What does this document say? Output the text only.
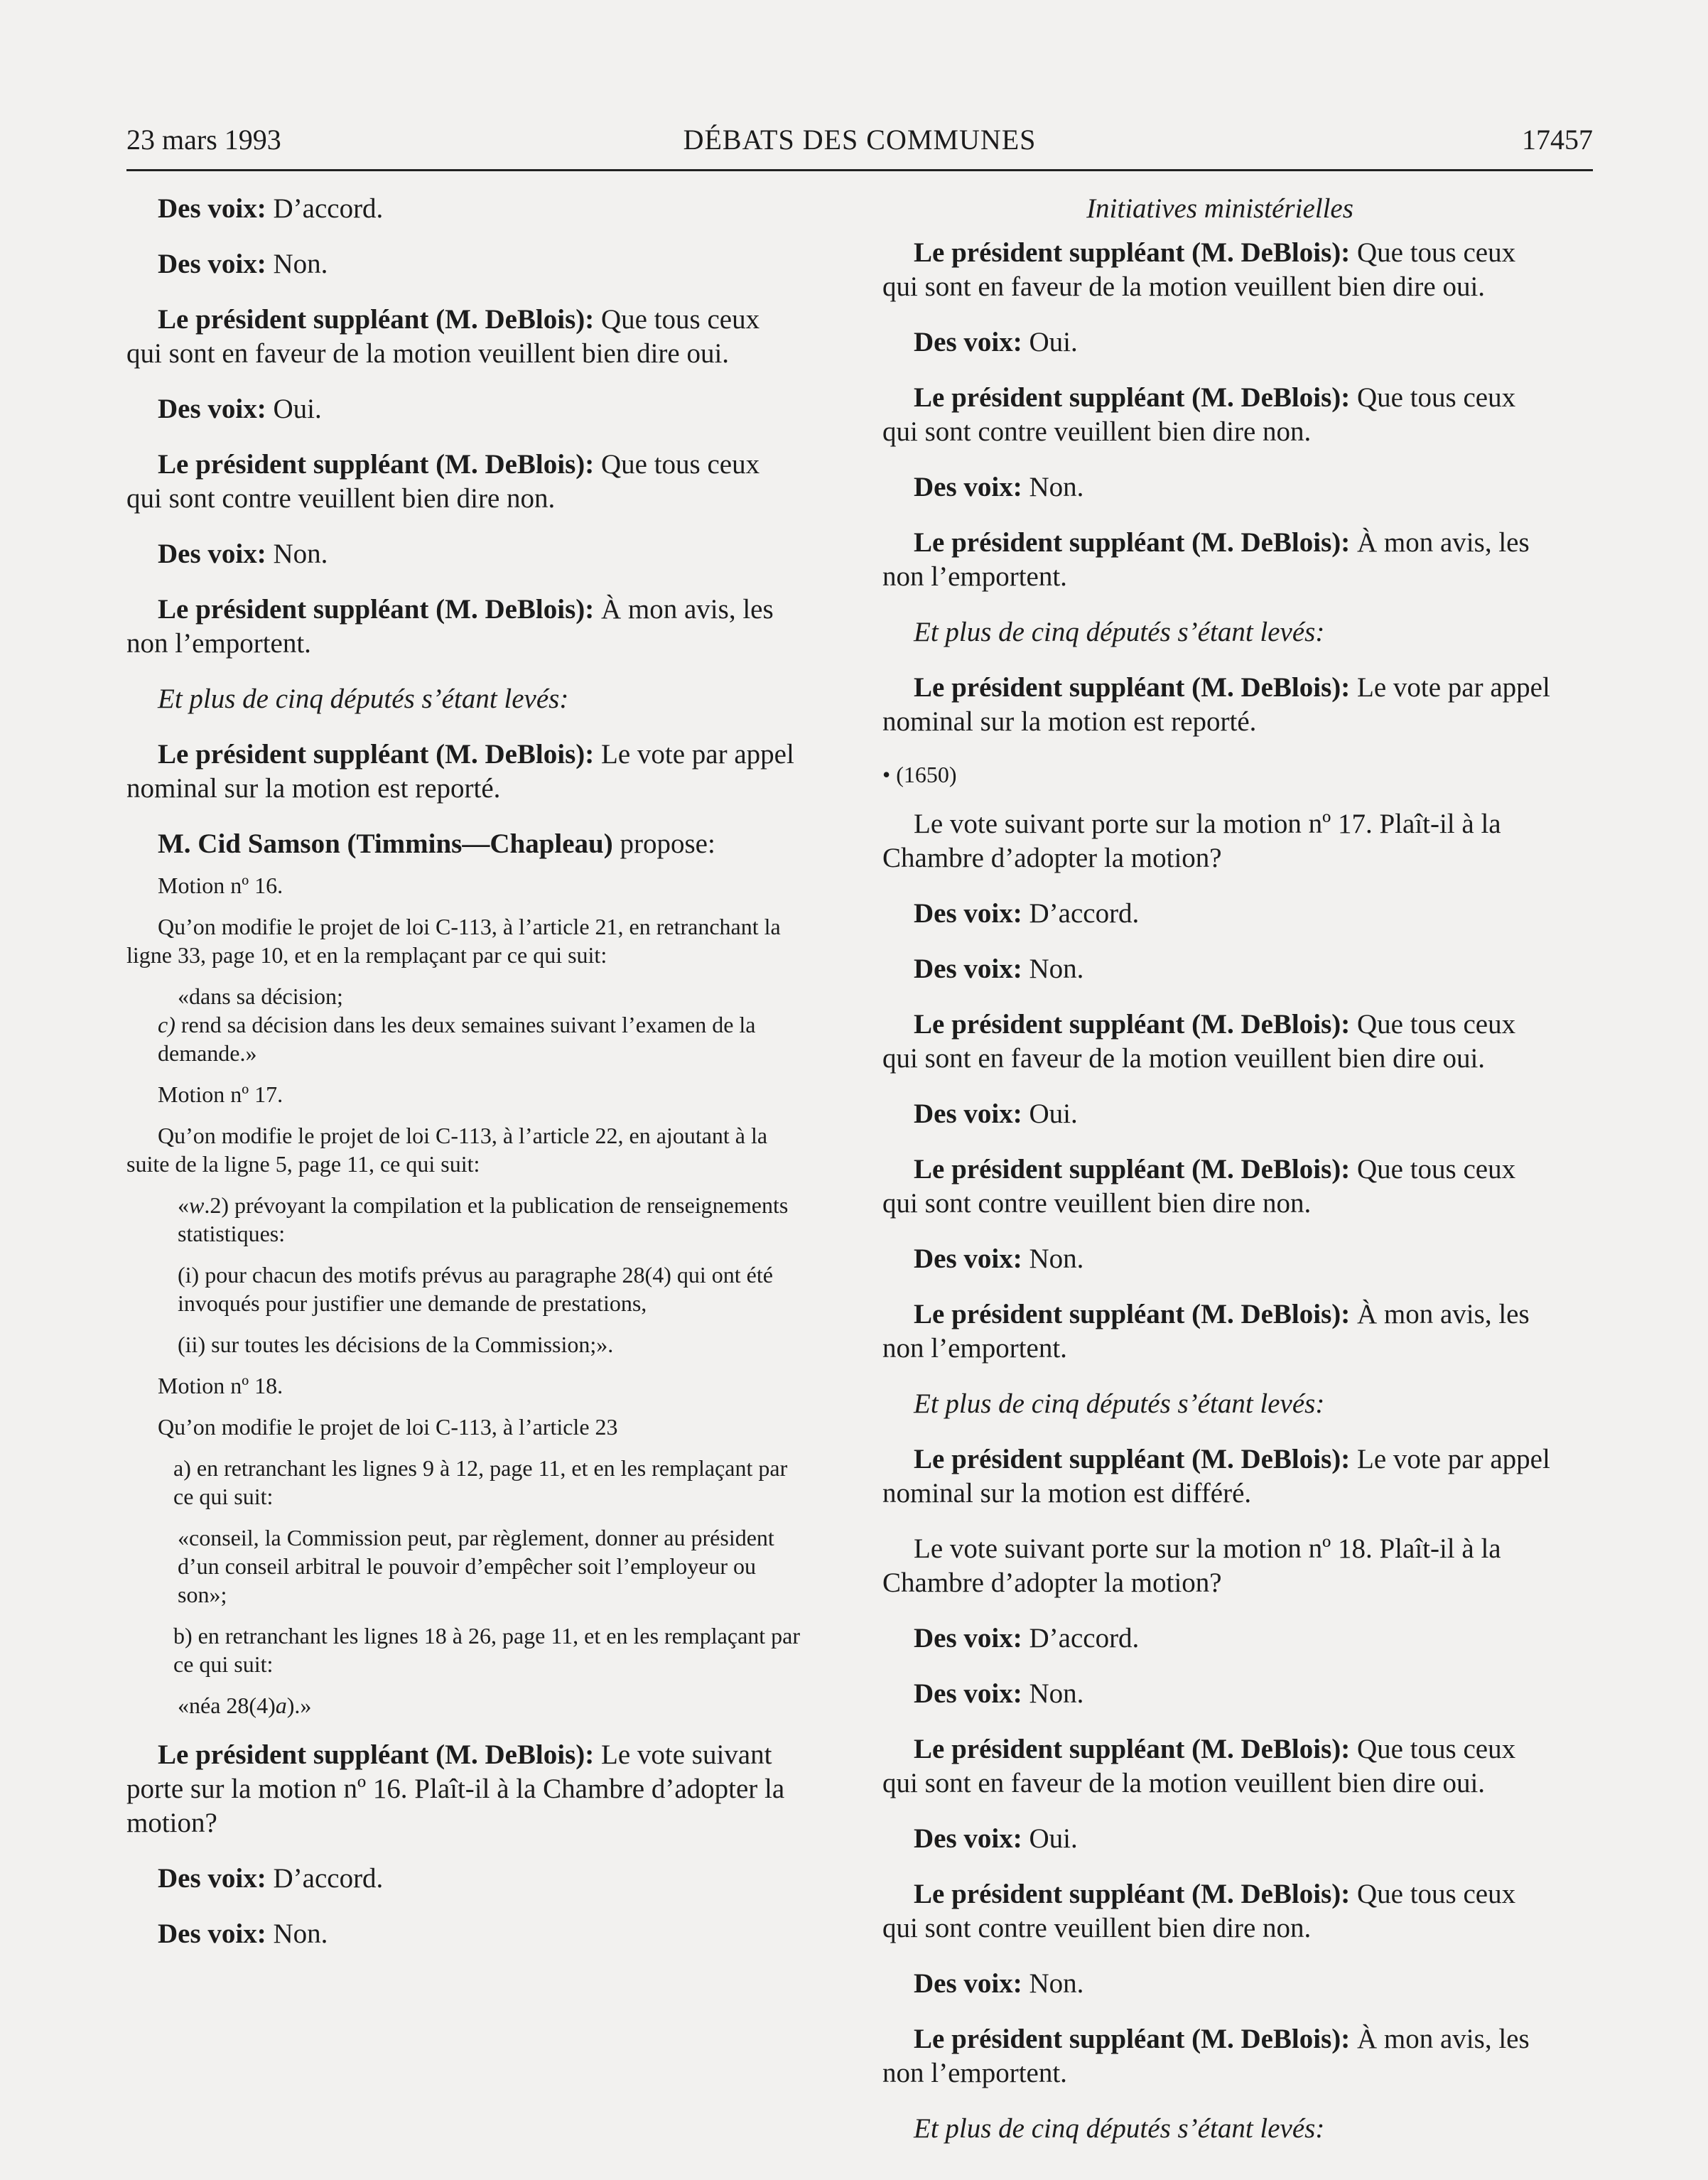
23 mars 1993	DÉBATS DES COMMUNES	17457
Des voix: D’accord.
Des voix: Non.
Le président suppléant (M. DeBlois): Que tous ceux qui sont en faveur de la motion veuillent bien dire oui.
Des voix: Oui.
Le président suppléant (M. DeBlois): Que tous ceux qui sont contre veuillent bien dire non.
Des voix: Non.
Le président suppléant (M. DeBlois): À mon avis, les non l’emportent.
Et plus de cinq députés s’étant levés:
Le président suppléant (M. DeBlois): Le vote par appel nominal sur la motion est reporté.
M. Cid Samson (Timmins—Chapleau) propose:
Motion nº 16.
Qu’on modifie le projet de loi C-113, à l’article 21, en retranchant la ligne 33, page 10, et en la remplaçant par ce qui suit:
«dans sa décision;
c) rend sa décision dans les deux semaines suivant l’examen de la demande.»
Motion nº 17.
Qu’on modifie le projet de loi C-113, à l’article 22, en ajoutant à la suite de la ligne 5, page 11, ce qui suit:
«w.2) prévoyant la compilation et la publication de renseignements statistiques:
(i) pour chacun des motifs prévus au paragraphe 28(4) qui ont été invoqués pour justifier une demande de prestations,
(ii) sur toutes les décisions de la Commission;».
Motion nº 18.
Qu’on modifie le projet de loi C-113, à l’article 23
a) en retranchant les lignes 9 à 12, page 11, et en les remplaçant par ce qui suit:
«conseil, la Commission peut, par règlement, donner au président d’un conseil arbitral le pouvoir d’empêcher soit l’employeur ou son»;
b) en retranchant les lignes 18 à 26, page 11, et en les remplaçant par ce qui suit:
«néa 28(4)a).»
Le président suppléant (M. DeBlois): Le vote suivant porte sur la motion nº 16. Plaît-il à la Chambre d’adopter la motion?
Des voix: D’accord.
Des voix: Non.
Initiatives ministérielles
Le président suppléant (M. DeBlois): Que tous ceux qui sont en faveur de la motion veuillent bien dire oui.
Des voix: Oui.
Le président suppléant (M. DeBlois): Que tous ceux qui sont contre veuillent bien dire non.
Des voix: Non.
Le président suppléant (M. DeBlois): À mon avis, les non l’emportent.
Et plus de cinq députés s’étant levés:
Le président suppléant (M. DeBlois): Le vote par appel nominal sur la motion est reporté.
• (1650)
Le vote suivant porte sur la motion nº 17. Plaît-il à la Chambre d’adopter la motion?
Des voix: D’accord.
Des voix: Non.
Le président suppléant (M. DeBlois): Que tous ceux qui sont en faveur de la motion veuillent bien dire oui.
Des voix: Oui.
Le président suppléant (M. DeBlois): Que tous ceux qui sont contre veuillent bien dire non.
Des voix: Non.
Le président suppléant (M. DeBlois): À mon avis, les non l’emportent.
Et plus de cinq députés s’étant levés:
Le président suppléant (M. DeBlois): Le vote par appel nominal sur la motion est différé.
Le vote suivant porte sur la motion nº 18. Plaît-il à la Chambre d’adopter la motion?
Des voix: D’accord.
Des voix: Non.
Le président suppléant (M. DeBlois): Que tous ceux qui sont en faveur de la motion veuillent bien dire oui.
Des voix: Oui.
Le président suppléant (M. DeBlois): Que tous ceux qui sont contre veuillent bien dire non.
Des voix: Non.
Le président suppléant (M. DeBlois): À mon avis, les non l’emportent.
Et plus de cinq députés s’étant levés:
